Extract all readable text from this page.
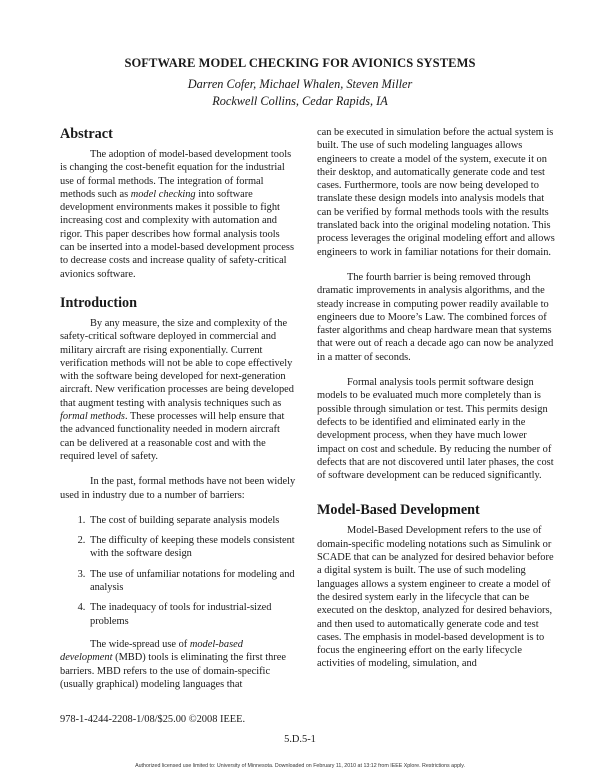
SOFTWARE MODEL CHECKING FOR AVIONICS SYSTEMS
Darren Cofer, Michael Whalen, Steven Miller
Rockwell Collins, Cedar Rapids, IA
Abstract

The adoption of model-based development tools is changing the cost-benefit equation for the industrial use of formal methods. The integration of formal methods such as model checking into software development environments makes it possible to fight increasing cost and complexity with automation and rigor. This paper describes how formal analysis tools can be inserted into a model-based development process to decrease costs and increase quality of safety-critical avionics software.

Introduction

By any measure, the size and complexity of the safety-critical software deployed in commercial and military aircraft are rising exponentially. Current verification methods will not be able to cope effectively with the software being developed for next-generation aircraft. New verification processes are being developed that augment testing with analysis techniques such as formal methods. These processes will help ensure that the advanced functionality needed in modern aircraft can be delivered at a reasonable cost and with the required level of safety.

In the past, formal methods have not been widely used in industry due to a number of barriers:

1. The cost of building separate analysis models
2. The difficulty of keeping these models consistent with the software design
3. The use of unfamiliar notations for modeling and analysis
4. The inadequacy of tools for industrial-sized problems

The wide-spread use of model-based development (MBD) tools is eliminating the first three barriers. MBD refers to the use of domain-specific (usually graphical) modeling languages that

can be executed in simulation before the actual system is built. The use of such modeling languages allows engineers to create a model of the system, execute it on their desktop, and automatically generate code and test cases. Furthermore, tools are now being developed to translate these design models into analysis models that can be verified by formal methods tools with the results translated back into the original modeling notation. This process leverages the original modeling effort and allows engineers to work in familiar notations for their domain.

The fourth barrier is being removed through dramatic improvements in analysis algorithms, and the steady increase in computing power readily available to engineers due to Moore’s Law. The combined forces of faster algorithms and cheap hardware mean that systems that were out of reach a decade ago can now be analyzed in a matter of seconds.

Formal analysis tools permit software design models to be evaluated much more completely than is possible through simulation or test. This permits design defects to be identified and eliminated early in the development process, when they have much lower impact on cost and schedule. By reducing the number of defects that are not discovered until later phases, the cost of software development can be reduced significantly.

Model-Based Development

Model-Based Development refers to the use of domain-specific modeling notations such as Simulink or SCADE that can be analyzed for desired behavior before a digital system is built. The use of such modeling languages allows a system engineer to create a model of the desired system early in the lifecycle that can be executed on the desktop, analyzed for desired behaviors, and then used to automatically generate code and test cases. The emphasis in model-based development is to focus the engineering effort on the early lifecycle activities of modeling, simulation, and

978-1-4244-2208-1/08/$25.00 ©2008 IEEE.
5.D.5-1
Authorized licensed use limited to: University of Minnesota. Downloaded on February 11, 2010 at 13:12 from IEEE Xplore. Restrictions apply.
